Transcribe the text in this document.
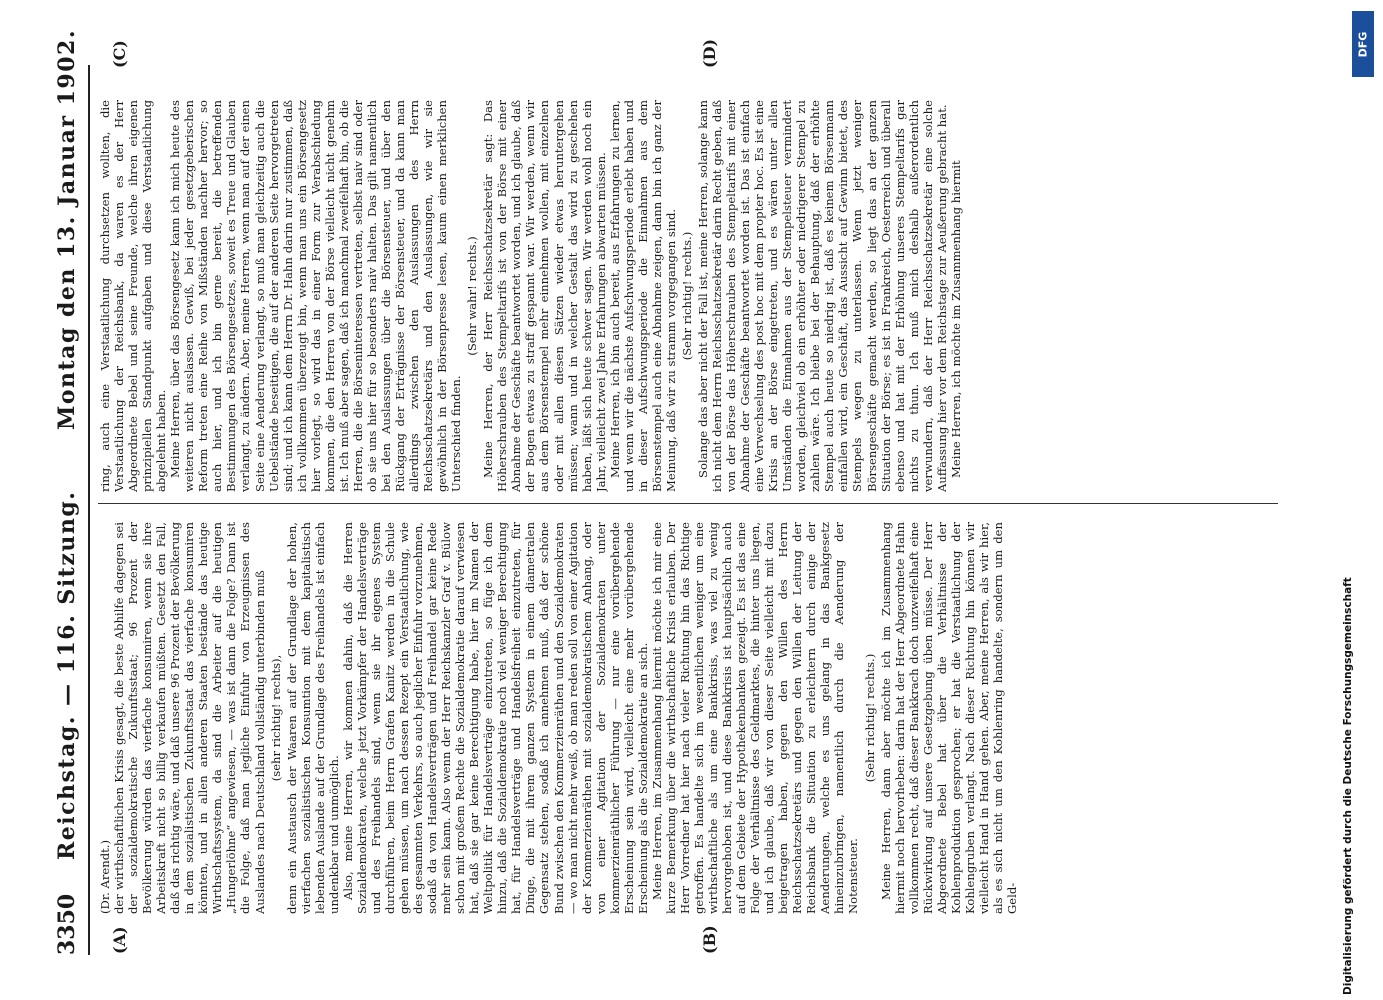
3350
Reichstag. — 116. Sitzung.
Montag den 13. Januar 1902.
(A)	(B)
(C)	(D)

(Dr. Arendt.) der wirthschaftlichen Krisis gesagt, die beste Abhilfe dagegen sei der sozialdemokratische Zukunftsstaat; 96 Prozent der Bevölkerung würden das vierfache konsumiren, wenn sie ihre Arbeitskraft nicht so billig verkaufen müßten. Gesetzt den Fall, daß das richtig wäre, und daß unsere 96 Prozent der Bevölkerung in dem sozialistischen Zukunftsstaat das vierfache konsumiren könnten, und in allen anderen Staaten bestände das heutige Wirthschaftssystem, da sind die Arbeiter auf die heutigen „Hungerlöhne“ angewiesen, — was ist dann die Folge? Dann ist die Folge, daß man jegliche Einfuhr von Erzeugnissen des Auslandes nach Deutschland vollständig unterbinden muß (sehr richtig! rechts), denn ein Austausch der Waaren auf der Grundlage der hohen, vierfachen sozialistischen Konsumtion mit dem kapitalistisch lebenden Auslande auf der Grundlage des Freihandels ist einfach undenkbar und unmöglich. Also, meine Herren, wir kommen dahin, daß die Herren Sozialdemokraten, welche jetzt Vorkämpfer der Handelsverträge und des Freihandels sind, wenn sie ihr eigenes System durchführen, beim Herrn Grafen Kanitz werden in die Schule gehen müssen, um nach dessen Rezept ein Verstaatlichung, wie des gesammten Verkehrs, so auch jeglicher Einfuhr vorzunehmen, sodaß da von Handelsverträgen und Freihandel gar keine Rede mehr sein kann. Also wenn der Herr Reichskanzler Graf v. Bülow schon mit großem Rechte die Sozialdemokratie darauf verwiesen hat, daß sie gar keine Berechtigung habe, hier im Namen der Weltpolitik für Handelsverträge einzutreten, so füge ich dem hinzu, daß die Sozialdemokratie noch viel weniger Berechtigung hat, für Handelsverträge und Handelsfreiheit einzutreten, für Dinge, die mit ihrem ganzen System in einem diametralen Gegensatz stehen, sodaß ich annehmen muß, daß der schöne Bund zwischen den Kommerzienräthen und den Sozialdemokraten — wo man nicht mehr weiß, ob man reden soll von einer Agitation der Kommerzienräthen mit sozialdemokratischem Anhang, oder von einer Agitation der Sozialdemokraten unter kommerzienräthlicher Führung — nur eine vorübergehende Erscheinung sein wird, vielleicht eine mehr vorübergehende Erscheinung als die Sozialdemokratie an sich. Meine Herren, im Zusammenhang hiermit möchte ich mir eine kurze Bemerkung über die wirthschaftliche Krisis erlauben. Der Herr Vorredner hat hier nach vieler Richtung hin das Richtige getroffen. Es handelte sich im wesentlichen weniger um eine wirthschaftliche als um eine Bankkrisis, was viel zu wenig hervorgehoben ist, und diese Bankkrisis ist hauptsächlich auch auf dem Gebiete der Hypothekenbanken gezeigt. Es ist das eine Folge der Verhältnisse des Geldmarktes, die hinter uns liegen, und ich glaube, daß wir von dieser Seite vielleicht mit dazu beigetragen haben, gegen den Willen des Herrn Reichsschatzsekretärs und gegen den Willen der Leitung der Reichsbank die Situation zu erleichtern durch einige der Aenderungen, welche es uns gelang in das Bankgesetz hineinzubringen, namentlich durch die Aenderung der Notensteuer.

(Sehr richtig! rechts.) Meine Herren, dann aber möchte ich im Zusammenhang hiermit noch hervorheben: darin hat der Herr Abgeordnete Hahn vollkommen recht, daß dieser Bankkrach doch unzweifelhaft eine Rückwirkung auf unsere Gesetzgebung üben müsse. Der Herr Abgeordnete Bebel hat über die Verhältnisse der Kohlenproduktion gesprochen; er hat die Verstaatlichung der Kohlengruben verlangt. Nach dieser Richtung hin können wir vielleicht Hand in Hand gehen. Aber, meine Herren, als wir hier, als es sich nicht um den Kohlenring handelte, sondern um den Geld-

ring, auch eine Verstaatlichung durchsetzen wollten, die Verstaatlichung der Reichsbank, da waren es der Herr Abgeordnete Bebel und seine Freunde, welche ihren eigenen prinzipiellen Standpunkt aufgaben und diese Verstaatlichung abgelehnt haben. Meine Herren, über das Börsengesetz kann ich mich heute des weiteren nicht auslassen. Gewiß, bei jeder gesetzgeberischen Reform treten eine Reihe von Mißständen nachher hervor; so auch hier, und ich bin gerne bereit, die betreffenden Bestimmungen des Börsengesetzes, soweit es Treue und Glauben verlangt, zu ändern. Aber, meine Herren, wenn man auf der einen Seite eine Aenderung verlangt, so muß man gleichzeitig auch die Uebelstände beseitigen, die auf der anderen Seite hervorgetreten sind; und ich kann dem Herrn Dr. Hahn darin nur zustimmen, daß ich vollkommen überzeugt bin, wenn man uns ein Börsengesetz hier vorlegt, so wird das in einer Form zur Verabschiedung kommen, die den Herren von der Börse vielleicht nicht genehm ist. Ich muß aber sagen, daß ich manchmal zweifelhaft bin, ob die Herren, die die Börseninteressen vertreten, selbst naiv sind oder ob sie uns hier für so besonders naiv halten. Das gilt namentlich bei den Auslassungen über die Börsensteuer, und über den Rückgang der Erträgnisse der Börsensteuer, und da kann man allerdings zwischen den Auslassungen des Herrn Reichsschatzsekretärs und den Auslassungen, wie wir sie gewöhnlich in der Börsenpresse lesen, kaum einen merklichen Unterschied finden.

(Sehr wahr! rechts.) Meine Herren, der Herr Reichsschatzsekretär sagt: Das Höherschrauben des Stempeltarifs ist von der Börse mit einer Abnahme der Geschäfte beantwortet worden, und ich glaube, daß der Bogen etwas zu straff gespannt war. Wir werden, wenn wir aus dem Börsenstempel mehr einnehmen wollen, mit einzelnen oder mit allen diesen Sätzen wieder etwas heruntergehen müssen; wann und in welcher Gestalt das wird zu geschehen haben, läßt sich heute schwer sagen. Wir werden wohl noch ein Jahr, vielleicht zwei Jahre Erfahrungen abwarten müssen. Meine Herren, ich bin auch bereit, aus Erfahrungen zu lernen, und wenn wir die nächste Aufschwungsperiode erlebt haben und in dieser Aufschwungsperiode die Einnahmen aus dem Börsenstempel auch eine Abnahme zeigen, dann bin ich ganz der Meinung, daß wir zu stramm vorgegangen sind. (Sehr richtig! rechts.) Solange das aber nicht der Fall ist, meine Herren, solange kann ich nicht dem Herrn Reichsschatzsekretär darin Recht geben, daß von der Börse das Höherschrauben des Stempeltarifs mit einer Abnahme der Geschäfte beantwortet worden ist. Das ist einfach eine Verwechselung des post hoc mit dem propter hoc. Es ist eine Krisis an der Börse eingetreten, und es wären unter allen Umständen die Einnahmen aus der Stempelsteuer vermindert worden, gleichviel ob ein erhöhter oder niedrigerer Stempel zu zahlen wäre. Ich bleibe bei der Behauptung, daß der erhöhte Stempel auch heute so niedrig ist, daß es keinem Börsenmann einfallen wird, ein Geschäft, das Aussicht auf Gewinn bietet, des Stempels wegen zu unterlassen. Wenn jetzt weniger Börsengeschäfte gemacht werden, so liegt das an der ganzen Situation der Börse; es ist in Frankreich, Oesterreich und überall ebenso und hat mit der Erhöhung unseres Stempeltarifs gar nichts zu thun. Ich muß mich deshalb außerordentlich verwundern, daß der Herr Reichsschatzsekretär eine solche Auffassung hier vor dem Reichstage zur Aeußerung gebracht hat. Meine Herren, ich möchte im Zusammenhang hiermit

DFG
Digitalisierung gefördert durch die Deutsche Forschungsgemeinschaft
